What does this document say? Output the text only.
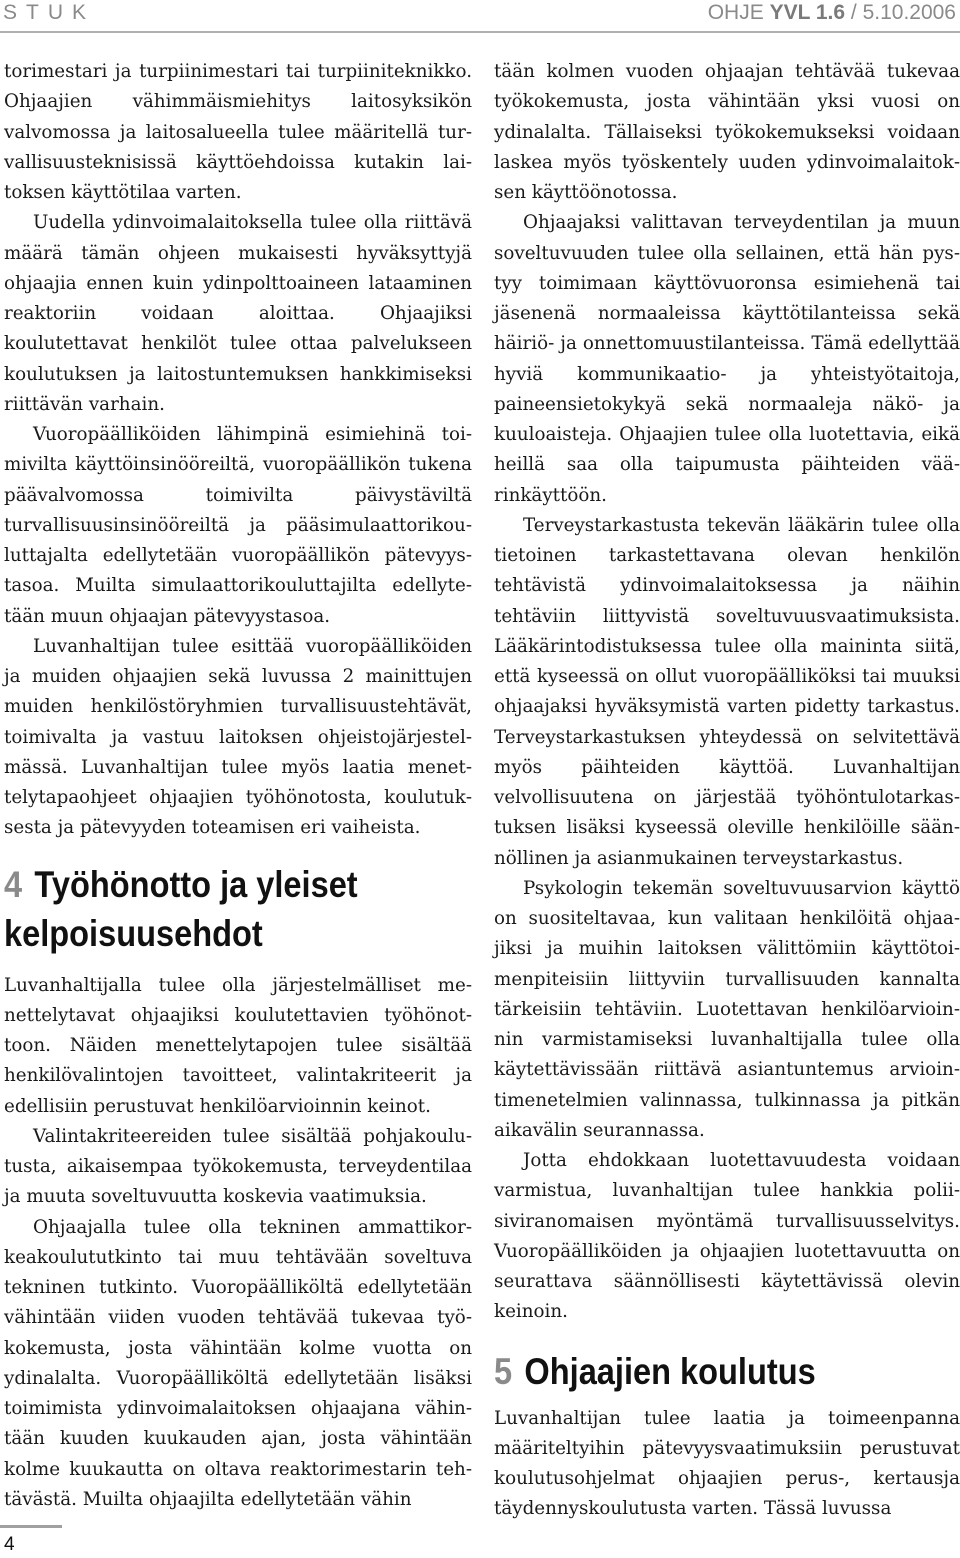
STUK	OHJE YVL 1.6 / 5.10.2006

torimestari ja turpiinimestari tai turpiiniteknikko. Ohjaajien vähimmäismiehitys laitosyksikön valvomossa ja laitosalueella tulee määritellä turvallisuusteknisissä käyttöehdoissa kutakin laitoksen käyttötilaa varten.

Uudella ydinvoimalaitoksella tulee olla riittävä määrä tämän ohjeen mukaisesti hyväksyttyjä ohjaajia ennen kuin ydinpolttoaineen lataaminen reaktoriin voidaan aloittaa. Ohjaajiksi koulutettavat henkilöt tulee ottaa palvelukseen koulutuksen ja laitostuntemuksen hankkimiseksi riittävän varhain.

Vuoropäälliköiden lähimpinä esimiehinä toimivilta käyttöinsinööreiltä, vuoropäällikön tukena päävalvomossa toimivilta päivystäviltä turvallisuusinsinööreiltä ja pääsimulaattorikouluttajalta edellytetään vuoropäällikön pätevyystasoa. Muilta simulaattorikouluttajilta edellytetään muun ohjaajan pätevyystasoa.

Luvanhaltijan tulee esittää vuoropäälliköiden ja muiden ohjaajien sekä luvussa 2 mainittujen muiden henkilöstöryhmien turvallisuustehtävät, toimivalta ja vastuu laitoksen ohjeistojärjestelmässä. Luvanhaltijan tulee myös laatia menettelytapaohjeet ohjaajien työhönotosta, koulutuksesta ja pätevyyden toteamisen eri vaiheista.

4 Työhönotto ja yleiset
kelpoisuusehdot

Luvanhaltijalla tulee olla järjestelmälliset menettelytavat ohjaajiksi koulutettavien työhönottoon. Näiden menettelytapojen tulee sisältää henkilövalintojen tavoitteet, valintakriteerit ja edellisiin perustuvat henkilöarvioinnin keinot.

Valintakriteereiden tulee sisältää pohjakoulutusta, aikaisempaa työkokemusta, terveydentilaa ja muuta soveltuvuutta koskevia vaatimuksia.

Ohjaajalla tulee olla tekninen ammattikorkeakoulututkinto tai muu tehtävään soveltuva tekninen tutkinto. Vuoropäälliköltä edellytetään vähintään viiden vuoden tehtävää tukevaa työkokemusta, josta vähintään kolme vuotta on ydinalalta. Vuoropäälliköltä edellytetään lisäksi toimimista ydinvoimalaitoksen ohjaajana vähintään kuuden kuukauden ajan, josta vähintään kolme kuukautta on oltava reaktorimestarin tehtävästä. Muilta ohjaajilta edellytetään vähin

tään kolmen vuoden ohjaajan tehtävää tukevaa työkokemusta, josta vähintään yksi vuosi on ydinalalta. Tällaiseksi työkokemukseksi voidaan laskea myös työskentely uuden ydinvoimalaitoksen käyttöönotossa.

Ohjaajaksi valittavan terveydentilan ja muun soveltuvuuden tulee olla sellainen, että hän pystyy toimimaan käyttövuoronsa esimiehenä tai jäsenenä normaaleissa käyttötilanteissa sekä häiriö- ja onnettomuustilanteissa. Tämä edellyttää hyviä kommunikaatio- ja yhteistyötaitoja, paineensietokykyä sekä normaaleja näkö- ja kuuloaisteja. Ohjaajien tulee olla luotettavia, eikä heillä saa olla taipumusta päihteiden väärinkäyttöön.

Terveystarkastusta tekevän lääkärin tulee olla tietoinen tarkastettavana olevan henkilön tehtävistä ydinvoimalaitoksessa ja näihin tehtäviin liittyvistä soveltuvuusvaatimuksista. Lääkärintodistuksessa tulee olla maininta siitä, että kyseessä on ollut vuoropäälliköksi tai muuksi ohjaajaksi hyväksymistä varten pidetty tarkastus. Terveystarkastuksen yhteydessä on selvitettävä myös päihteiden käyttöä. Luvanhaltijan velvollisuutena on järjestää työhöntulotarkastuksen lisäksi kyseessä oleville henkilöille säännöllinen ja asianmukainen terveystarkastus.

Psykologin tekemän soveltuvuusarvion käyttö on suositeltavaa, kun valitaan henkilöitä ohjaajiksi ja muihin laitoksen välittömiin käyttötoimenpiteisiin liittyviin turvallisuuden kannalta tärkeisiin tehtäviin. Luotettavan henkilöarvioinnin varmistamiseksi luvanhaltijalla tulee olla käytettävissään riittävä asiantuntemus arviointimenetelmien valinnassa, tulkinnassa ja pitkän aikavälin seurannassa.

Jotta ehdokkaan luotettavuudesta voidaan varmistua, luvanhaltijan tulee hankkia poliisiviranomaisen myöntämä turvallisuusselvitys. Vuoropäälliköiden ja ohjaajien luotettavuutta on seurattava säännöllisesti käytettävissä olevin keinoin.

5 Ohjaajien koulutus

Luvanhaltijan tulee laatia ja toimeenpanna määriteltyihin pätevyysvaatimuksiin perustuvat koulutusohjelmat ohjaajien perus-, kertausja täydennyskoulutusta varten. Tässä luvussa

4
